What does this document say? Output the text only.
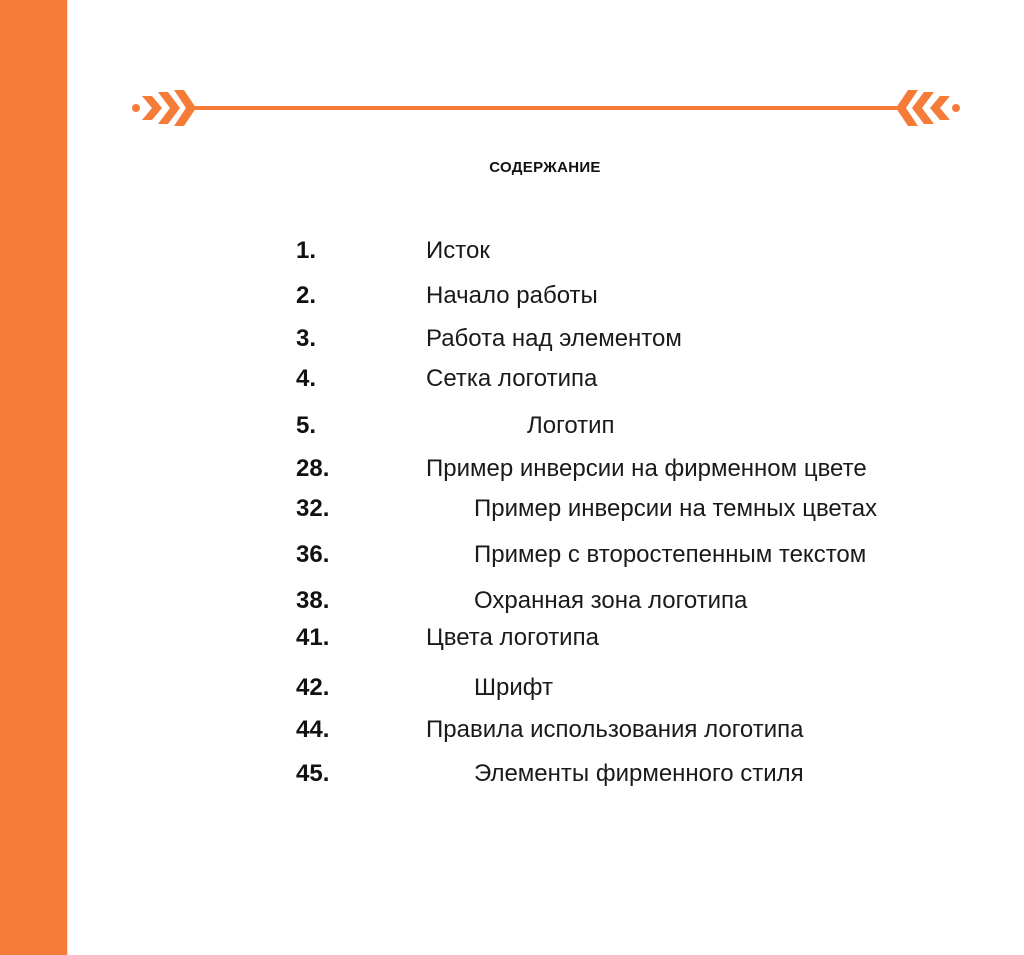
СОДЕРЖАНИЕ
1.	Исток
2.	Начало работы
3.	Работа над элементом
4.	Сетка логотипа
5.	Логотип
28.	Пример инверсии на фирменном цвете
32.	Пример инверсии на темных цветах
36.	Пример с второстепенным текстом
38.	Охранная зона логотипа
41.	Цвета логотипа
42.	Шрифт
44.	Правила использования логотипа
45.	Элементы фирменного стиля
